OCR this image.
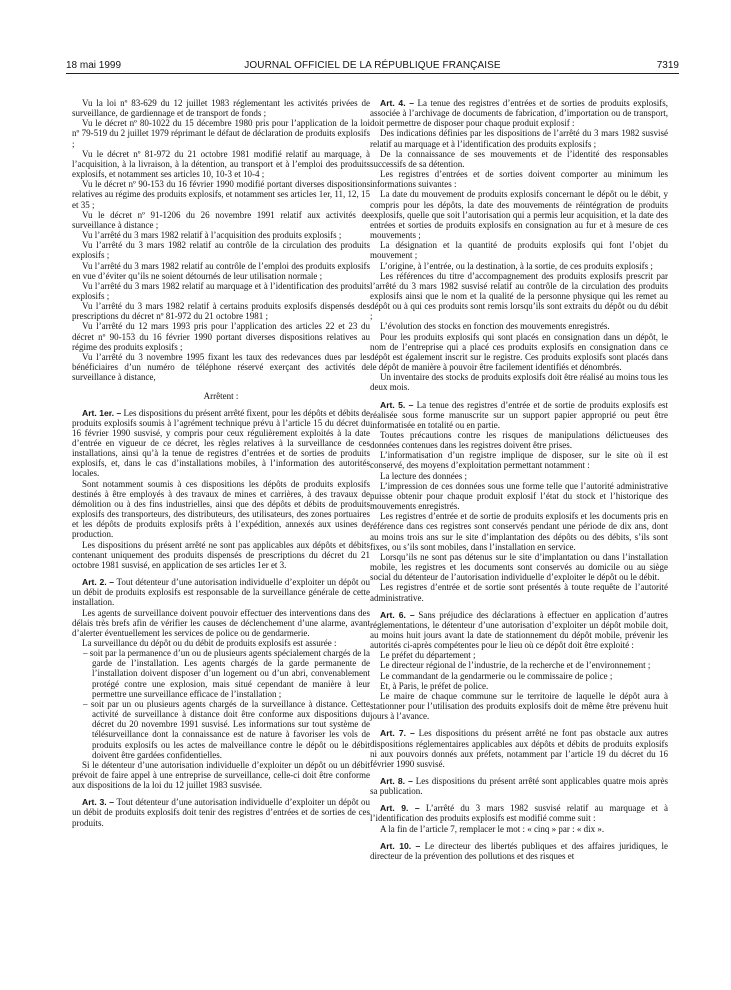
18 mai 1999	JOURNAL OFFICIEL DE LA RÉPUBLIQUE FRANÇAISE	7319

Vu la loi nº 83-629 du 12 juillet 1983 réglementant les activités privées de surveillance, de gardiennage et de transport de fonds ;

Vu le décret nº 80-1022 du 15 décembre 1980 pris pour l’application de la loi nº 79-519 du 2 juillet 1979 réprimant le défaut de déclaration de produits explosifs ;

Vu le décret nº 81-972 du 21 octobre 1981 modifié relatif au marquage, à l’acquisition, à la livraison, à la détention, au transport et à l’emploi des produits explosifs, et notamment ses articles 10, 10-3 et 10-4 ;

Vu le décret nº 90-153 du 16 février 1990 modifié portant diverses dispositions relatives au régime des produits explosifs, et notamment ses articles 1er, 11, 12, 15 et 35 ;

Vu le décret nº 91-1206 du 26 novembre 1991 relatif aux activités de surveillance à distance ;

Vu l’arrêté du 3 mars 1982 relatif à l’acquisition des produits explosifs ;

Vu l’arrêté du 3 mars 1982 relatif au contrôle de la circulation des produits explosifs ;

Vu l’arrêté du 3 mars 1982 relatif au contrôle de l’emploi des produits explosifs en vue d’éviter qu’ils ne soient détournés de leur utilisation normale ;

Vu l’arrêté du 3 mars 1982 relatif au marquage et à l’identification des produits explosifs ;

Vu l’arrêté du 3 mars 1982 relatif à certains produits explosifs dispensés des prescriptions du décret nº 81-972 du 21 octobre 1981 ;

Vu l’arrêté du 12 mars 1993 pris pour l’application des articles 22 et 23 du décret nº 90-153 du 16 février 1990 portant diverses dispositions relatives au régime des produits explosifs ;

Vu l’arrêté du 3 novembre 1995 fixant les taux des redevances dues par les bénéficiaires d’un numéro de téléphone réservé exerçant des activités de surveillance à distance,

Arrêtent :

Art. 1er. – Les dispositions du présent arrêté fixent, pour les dépôts et débits de produits explosifs soumis à l’agrément technique prévu à l’article 15 du décret du 16 février 1990 susvisé, y compris pour ceux régulièrement exploités à la date d’entrée en vigueur de ce décret, les règles relatives à la surveillance de ces installations, ainsi qu’à la tenue de registres d’entrées et de sorties de produits explosifs, et, dans le cas d’installations mobiles, à l’information des autorités locales.

Sont notamment soumis à ces dispositions les dépôts de produits explosifs destinés à être employés à des travaux de mines et carrières, à des travaux de démolition ou à des fins industrielles, ainsi que des dépôts et débits de produits explosifs des transporteurs, des distributeurs, des utilisateurs, des zones portuaires et les dépôts de produits explosifs prêts à l’expédition, annexés aux usines de production.

Les dispositions du présent arrêté ne sont pas applicables aux dépôts et débits contenant uniquement des produits dispensés de prescriptions du décret du 21 octobre 1981 susvisé, en application de ses articles 1er et 3.

Art. 2. – Tout détenteur d’une autorisation individuelle d’exploiter un dépôt ou un débit de produits explosifs est responsable de la surveillance générale de cette installation.

Les agents de surveillance doivent pouvoir effectuer des interventions dans des délais très brefs afin de vérifier les causes de déclenchement d’une alarme, avant d’alerter éventuellement les services de police ou de gendarmerie.

La surveillance du dépôt ou du débit de produits explosifs est assurée :

– soit par la permanence d’un ou de plusieurs agents spécialement chargés de la garde de l’installation. Les agents chargés de la garde permanente de l’installation doivent disposer d’un logement ou d’un abri, convenablement protégé contre une explosion, mais situé cependant de manière à leur permettre une surveillance efficace de l’installation ;

– soit par un ou plusieurs agents chargés de la surveillance à distance. Cette activité de surveillance à distance doit être conforme aux dispositions du décret du 20 novembre 1991 susvisé. Les informations sur tout système de télésurveillance dont la connaissance est de nature à favoriser les vols de produits explosifs ou les actes de malveillance contre le dépôt ou le débit doivent être gardées confidentielles.

Si le détenteur d’une autorisation individuelle d’exploiter un dépôt ou un débit prévoit de faire appel à une entreprise de surveillance, celle-ci doit être conforme aux dispositions de la loi du 12 juillet 1983 susvisée.

Art. 3. – Tout détenteur d’une autorisation individuelle d’exploiter un dépôt ou un débit de produits explosifs doit tenir des registres d’entrées et de sorties de ces produits.

Art. 4. – La tenue des registres d’entrées et de sorties de produits explosifs, associée à l’archivage de documents de fabrication, d’importation ou de transport, doit permettre de disposer pour chaque produit explosif :

Des indications définies par les dispositions de l’arrêté du 3 mars 1982 susvisé relatif au marquage et à l’identification des produits explosifs ;

De la connaissance de ses mouvements et de l’identité des responsables successifs de sa détention.

Les registres d’entrées et de sorties doivent comporter au minimum les informations suivantes :

La date du mouvement de produits explosifs concernant le dépôt ou le débit, y compris pour les dépôts, la date des mouvements de réintégration de produits explosifs, quelle que soit l’autorisation qui a permis leur acquisition, et la date des entrées et sorties de produits explosifs en consignation au fur et à mesure de ces mouvements ;

La désignation et la quantité de produits explosifs qui font l’objet du mouvement ;

L’origine, à l’entrée, ou la destination, à la sortie, de ces produits explosifs ;

Les références du titre d’accompagnement des produits explosifs prescrit par l’arrêté du 3 mars 1982 susvisé relatif au contrôle de la circulation des produits explosifs ainsi que le nom et la qualité de la personne physique qui les remet au dépôt ou à qui ces produits sont remis lorsqu’ils sont extraits du dépôt ou du débit ;

L’évolution des stocks en fonction des mouvements enregistrés.

Pour les produits explosifs qui sont placés en consignation dans un dépôt, le nom de l’entreprise qui a placé ces produits explosifs en consignation dans ce dépôt est également inscrit sur le registre. Ces produits explosifs sont placés dans le dépôt de manière à pouvoir être facilement identifiés et dénombrés.

Un inventaire des stocks de produits explosifs doit être réalisé au moins tous les deux mois.

Art. 5. – La tenue des registres d’entrée et de sortie de produits explosifs est réalisée sous forme manuscrite sur un support papier approprié ou peut être informatisée en totalité ou en partie.

Toutes précautions contre les risques de manipulations délictueuses des données contenues dans les registres doivent être prises.

L’informatisation d’un registre implique de disposer, sur le site où il est conservé, des moyens d’exploitation permettant notamment :

La lecture des données ;

L’impression de ces données sous une forme telle que l’autorité administrative puisse obtenir pour chaque produit explosif l’état du stock et l’historique des mouvements enregistrés.

Les registres d’entrée et de sortie de produits explosifs et les documents pris en référence dans ces registres sont conservés pendant une période de dix ans, dont au moins trois ans sur le site d’implantation des dépôts ou des débits, s’ils sont fixes, ou s’ils sont mobiles, dans l’installation en service.

Lorsqu’ils ne sont pas détenus sur le site d’implantation ou dans l’installation mobile, les registres et les documents sont conservés au domicile ou au siège social du détenteur de l’autorisation individuelle d’exploiter le dépôt ou le débit.

Les registres d’entrée et de sortie sont présentés à toute requête de l’autorité administrative.

Art. 6. – Sans préjudice des déclarations à effectuer en application d’autres réglementations, le détenteur d’une autorisation d’exploiter un dépôt mobile doit, au moins huit jours avant la date de stationnement du dépôt mobile, prévenir les autorités ci-après compétentes pour le lieu où ce dépôt doit être exploité :

Le préfet du département ;

Le directeur régional de l’industrie, de la recherche et de l’environnement ;

Le commandant de la gendarmerie ou le commissaire de police ;

Et, à Paris, le préfet de police.

Le maire de chaque commune sur le territoire de laquelle le dépôt aura à stationner pour l’utilisation des produits explosifs doit de même être prévenu huit jours à l’avance.

Art. 7. – Les dispositions du présent arrêté ne font pas obstacle aux autres dispositions réglementaires applicables aux dépôts et débits de produits explosifs ni aux pouvoirs donnés aux préfets, notamment par l’article 19 du décret du 16 février 1990 susvisé.

Art. 8. – Les dispositions du présent arrêté sont applicables quatre mois après sa publication.

Art. 9. – L’arrêté du 3 mars 1982 susvisé relatif au marquage et à l’identification des produits explosifs est modifié comme suit :

A la fin de l’article 7, remplacer le mot : « cinq » par : « dix ».

Art. 10. – Le directeur des libertés publiques et des affaires juridiques, le directeur de la prévention des pollutions et des risques et
